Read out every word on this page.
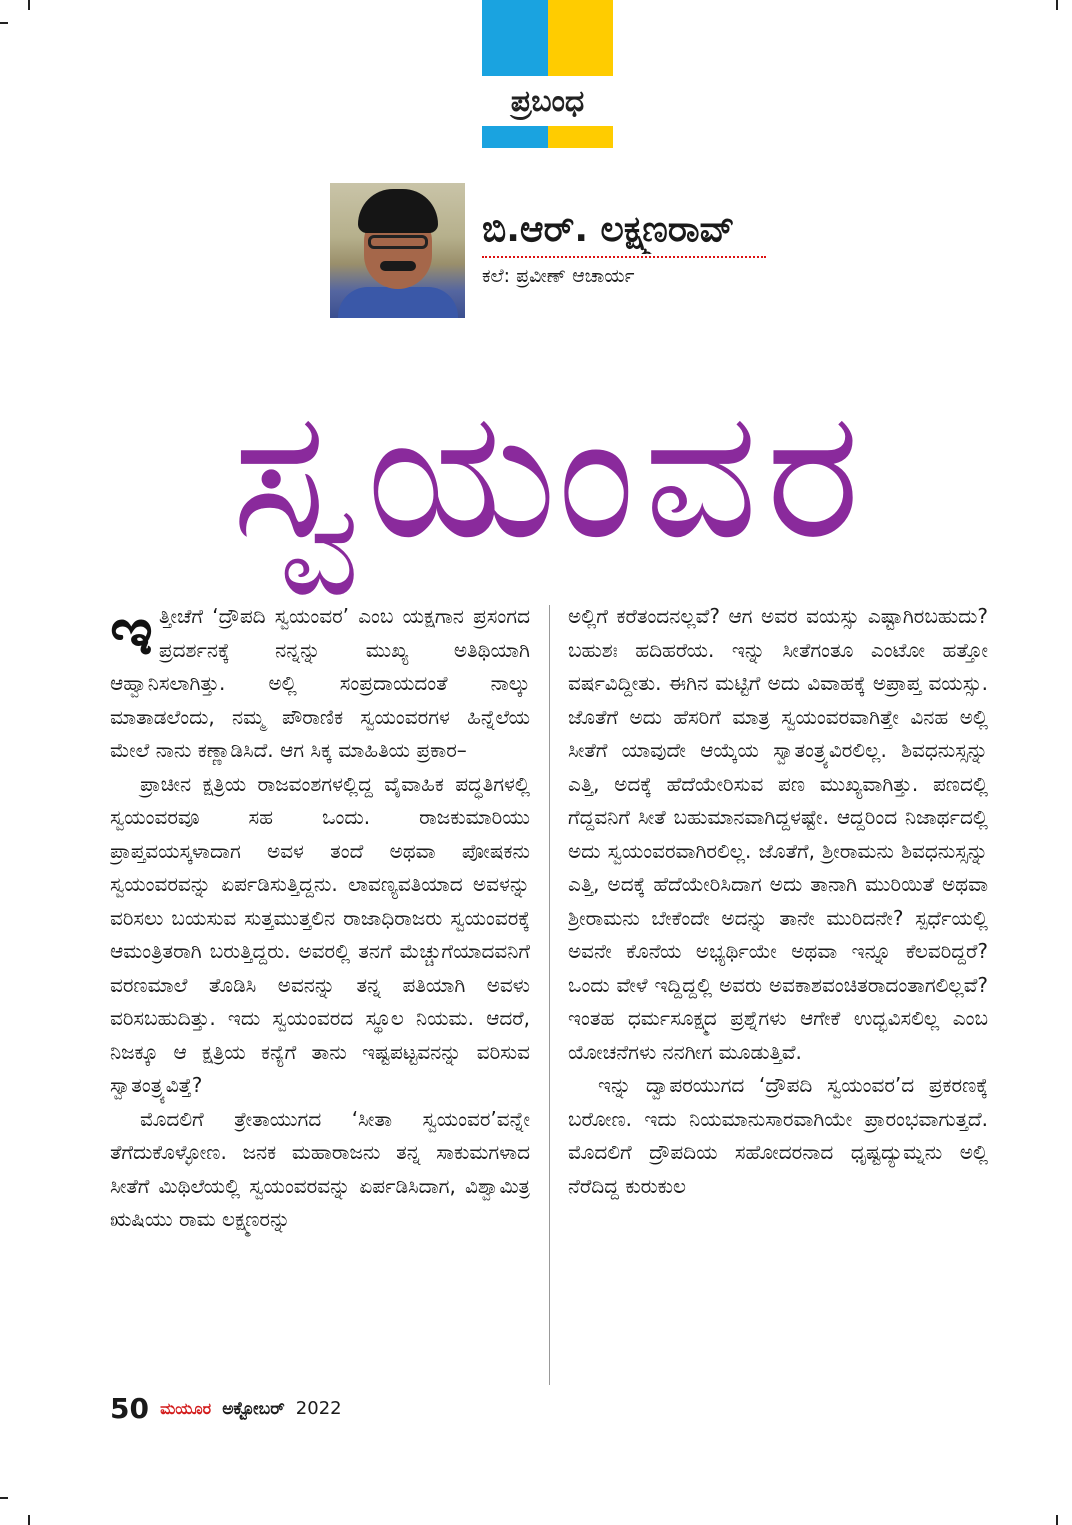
ಪ್ರಬಂಧ
ಬಿ.ಆರ್. ಲಕ್ಷ್ಮಣರಾವ್
ಕಲೆ: ಪ್ರವೀಣ್ ಆಚಾರ್ಯ
ಸ್ವಯಂವರ

ಇತ್ತೀಚೆಗೆ ‘ದ್ರೌಪದಿ ಸ್ವಯಂವರ’ ಎಂಬ ಯಕ್ಷಗಾನ ಪ್ರಸಂಗದ ಪ್ರದರ್ಶನಕ್ಕೆ ನನ್ನನ್ನು ಮುಖ್ಯ ಅತಿಥಿಯಾಗಿ ಆಹ್ವಾನಿಸಲಾಗಿತ್ತು. ಅಲ್ಲಿ ಸಂಪ್ರದಾಯದಂತೆ ನಾಲ್ಕು ಮಾತಾಡಲೆಂದು, ನಮ್ಮ ಪೌರಾಣಿಕ ಸ್ವಯಂವರಗಳ ಹಿನ್ನೆಲೆಯ ಮೇಲೆ ನಾನು ಕಣ್ಣಾಡಿಸಿದೆ. ಆಗ ಸಿಕ್ಕ ಮಾಹಿತಿಯ ಪ್ರಕಾರ–

ಪ್ರಾಚೀನ ಕ್ಷತ್ರಿಯ ರಾಜವಂಶಗಳಲ್ಲಿದ್ದ ವೈವಾಹಿಕ ಪದ್ಧತಿಗಳಲ್ಲಿ ಸ್ವಯಂವರವೂ ಸಹ ಒಂದು. ರಾಜಕುಮಾರಿಯು ಪ್ರಾಪ್ತವಯಸ್ಕಳಾದಾಗ ಅವಳ ತಂದೆ ಅಥವಾ ಪೋಷಕನು ಸ್ವಯಂವರವನ್ನು ಏರ್ಪಡಿಸುತ್ತಿದ್ದನು. ಲಾವಣ್ಯವತಿಯಾದ ಅವಳನ್ನು ವರಿಸಲು ಬಯಸುವ ಸುತ್ತಮುತ್ತಲಿನ ರಾಜಾಧಿರಾಜರು ಸ್ವಯಂವರಕ್ಕೆ ಆಮಂತ್ರಿತರಾಗಿ ಬರುತ್ತಿದ್ದರು. ಅವರಲ್ಲಿ ತನಗೆ ಮೆಚ್ಚುಗೆಯಾದವನಿಗೆ ವರಣಮಾಲೆ ತೊಡಿಸಿ ಅವನನ್ನು ತನ್ನ ಪತಿಯಾಗಿ ಅವಳು ವರಿಸಬಹುದಿತ್ತು. ಇದು ಸ್ವಯಂವರದ ಸ್ಥೂಲ ನಿಯಮ. ಆದರೆ, ನಿಜಕ್ಕೂ ಆ ಕ್ಷತ್ರಿಯ ಕನ್ಯೆಗೆ ತಾನು ಇಷ್ಟಪಟ್ಟವನನ್ನು ವರಿಸುವ ಸ್ವಾತಂತ್ರ್ಯವಿತ್ತೆ?

ಮೊದಲಿಗೆ ತ್ರೇತಾಯುಗದ ‘ಸೀತಾ ಸ್ವಯಂವರ’ವನ್ನೇ ತೆಗೆದುಕೊಳ್ಳೋಣ. ಜನಕ ಮಹಾರಾಜನು ತನ್ನ ಸಾಕುಮಗಳಾದ ಸೀತೆಗೆ ಮಿಥಿಲೆಯಲ್ಲಿ ಸ್ವಯಂವರವನ್ನು ಏರ್ಪಡಿಸಿದಾಗ, ವಿಶ್ವಾಮಿತ್ರ ಋಷಿಯು ರಾಮ ಲಕ್ಷ್ಮಣರನ್ನು

ಅಲ್ಲಿಗೆ ಕರೆತಂದನಲ್ಲವೆ? ಆಗ ಅವರ ವಯಸ್ಸು ಎಷ್ಟಾಗಿರಬಹುದು? ಬಹುಶಃ ಹದಿಹರೆಯ. ಇನ್ನು ಸೀತೆಗಂತೂ ಎಂಟೋ ಹತ್ತೋ ವರ್ಷವಿದ್ದೀತು. ಈಗಿನ ಮಟ್ಟಿಗೆ ಅದು ವಿವಾಹಕ್ಕೆ ಅಪ್ರಾಪ್ತ ವಯಸ್ಸು. ಜೊತೆಗೆ ಅದು ಹೆಸರಿಗೆ ಮಾತ್ರ ಸ್ವಯಂವರವಾಗಿತ್ತೇ ವಿನಹ ಅಲ್ಲಿ ಸೀತೆಗೆ ಯಾವುದೇ ಆಯ್ಕೆಯ ಸ್ವಾತಂತ್ರ್ಯವಿರಲಿಲ್ಲ. ಶಿವಧನುಸ್ಸನ್ನು ಎತ್ತಿ, ಅದಕ್ಕೆ ಹೆದೆಯೇರಿಸುವ ಪಣ ಮುಖ್ಯವಾಗಿತ್ತು. ಪಣದಲ್ಲಿ ಗೆದ್ದವನಿಗೆ ಸೀತೆ ಬಹುಮಾನವಾಗಿದ್ದಳಷ್ಟೇ. ಆದ್ದರಿಂದ ನಿಜಾರ್ಥದಲ್ಲಿ ಅದು ಸ್ವಯಂವರವಾಗಿರಲಿಲ್ಲ. ಜೊತೆಗೆ, ಶ್ರೀರಾಮನು ಶಿವಧನುಸ್ಸನ್ನು ಎತ್ತಿ, ಅದಕ್ಕೆ ಹೆದೆಯೇರಿಸಿದಾಗ ಅದು ತಾನಾಗಿ ಮುರಿಯಿತೆ ಅಥವಾ ಶ್ರೀರಾಮನು ಬೇಕೆಂದೇ ಅದನ್ನು ತಾನೇ ಮುರಿದನೇ? ಸ್ಪರ್ಧೆಯಲ್ಲಿ ಅವನೇ ಕೊನೆಯ ಅಭ್ಯರ್ಥಿಯೇ ಅಥವಾ ಇನ್ನೂ ಕೆಲವರಿದ್ದರೆ? ಒಂದು ವೇಳೆ ಇದ್ದಿದ್ದಲ್ಲಿ ಅವರು ಅವಕಾಶವಂಚಿತರಾದಂತಾಗಲಿಲ್ಲವೆ? ಇಂತಹ ಧರ್ಮಸೂಕ್ಷ್ಮದ ಪ್ರಶ್ನೆಗಳು ಆಗೇಕೆ ಉದ್ಭವಿಸಲಿಲ್ಲ ಎಂಬ ಯೋಚನೆಗಳು ನನಗೀಗ ಮೂಡುತ್ತಿವೆ.

ಇನ್ನು ದ್ವಾಪರಯುಗದ ‘ದ್ರೌಪದಿ ಸ್ವಯಂವರ’ದ ಪ್ರಕರಣಕ್ಕೆ ಬರೋಣ. ಇದು ನಿಯಮಾನುಸಾರವಾಗಿಯೇ ಪ್ರಾರಂಭವಾಗುತ್ತದೆ. ಮೊದಲಿಗೆ ದ್ರೌಪದಿಯ ಸಹೋದರನಾದ ಧೃಷ್ಟದ್ಯುಮ್ನನು ಅಲ್ಲಿ ನೆರೆದಿದ್ದ ಕುರುಕುಲ

50 ಮಯೂರ ಅಕ್ಟೋಬರ್ 2022
